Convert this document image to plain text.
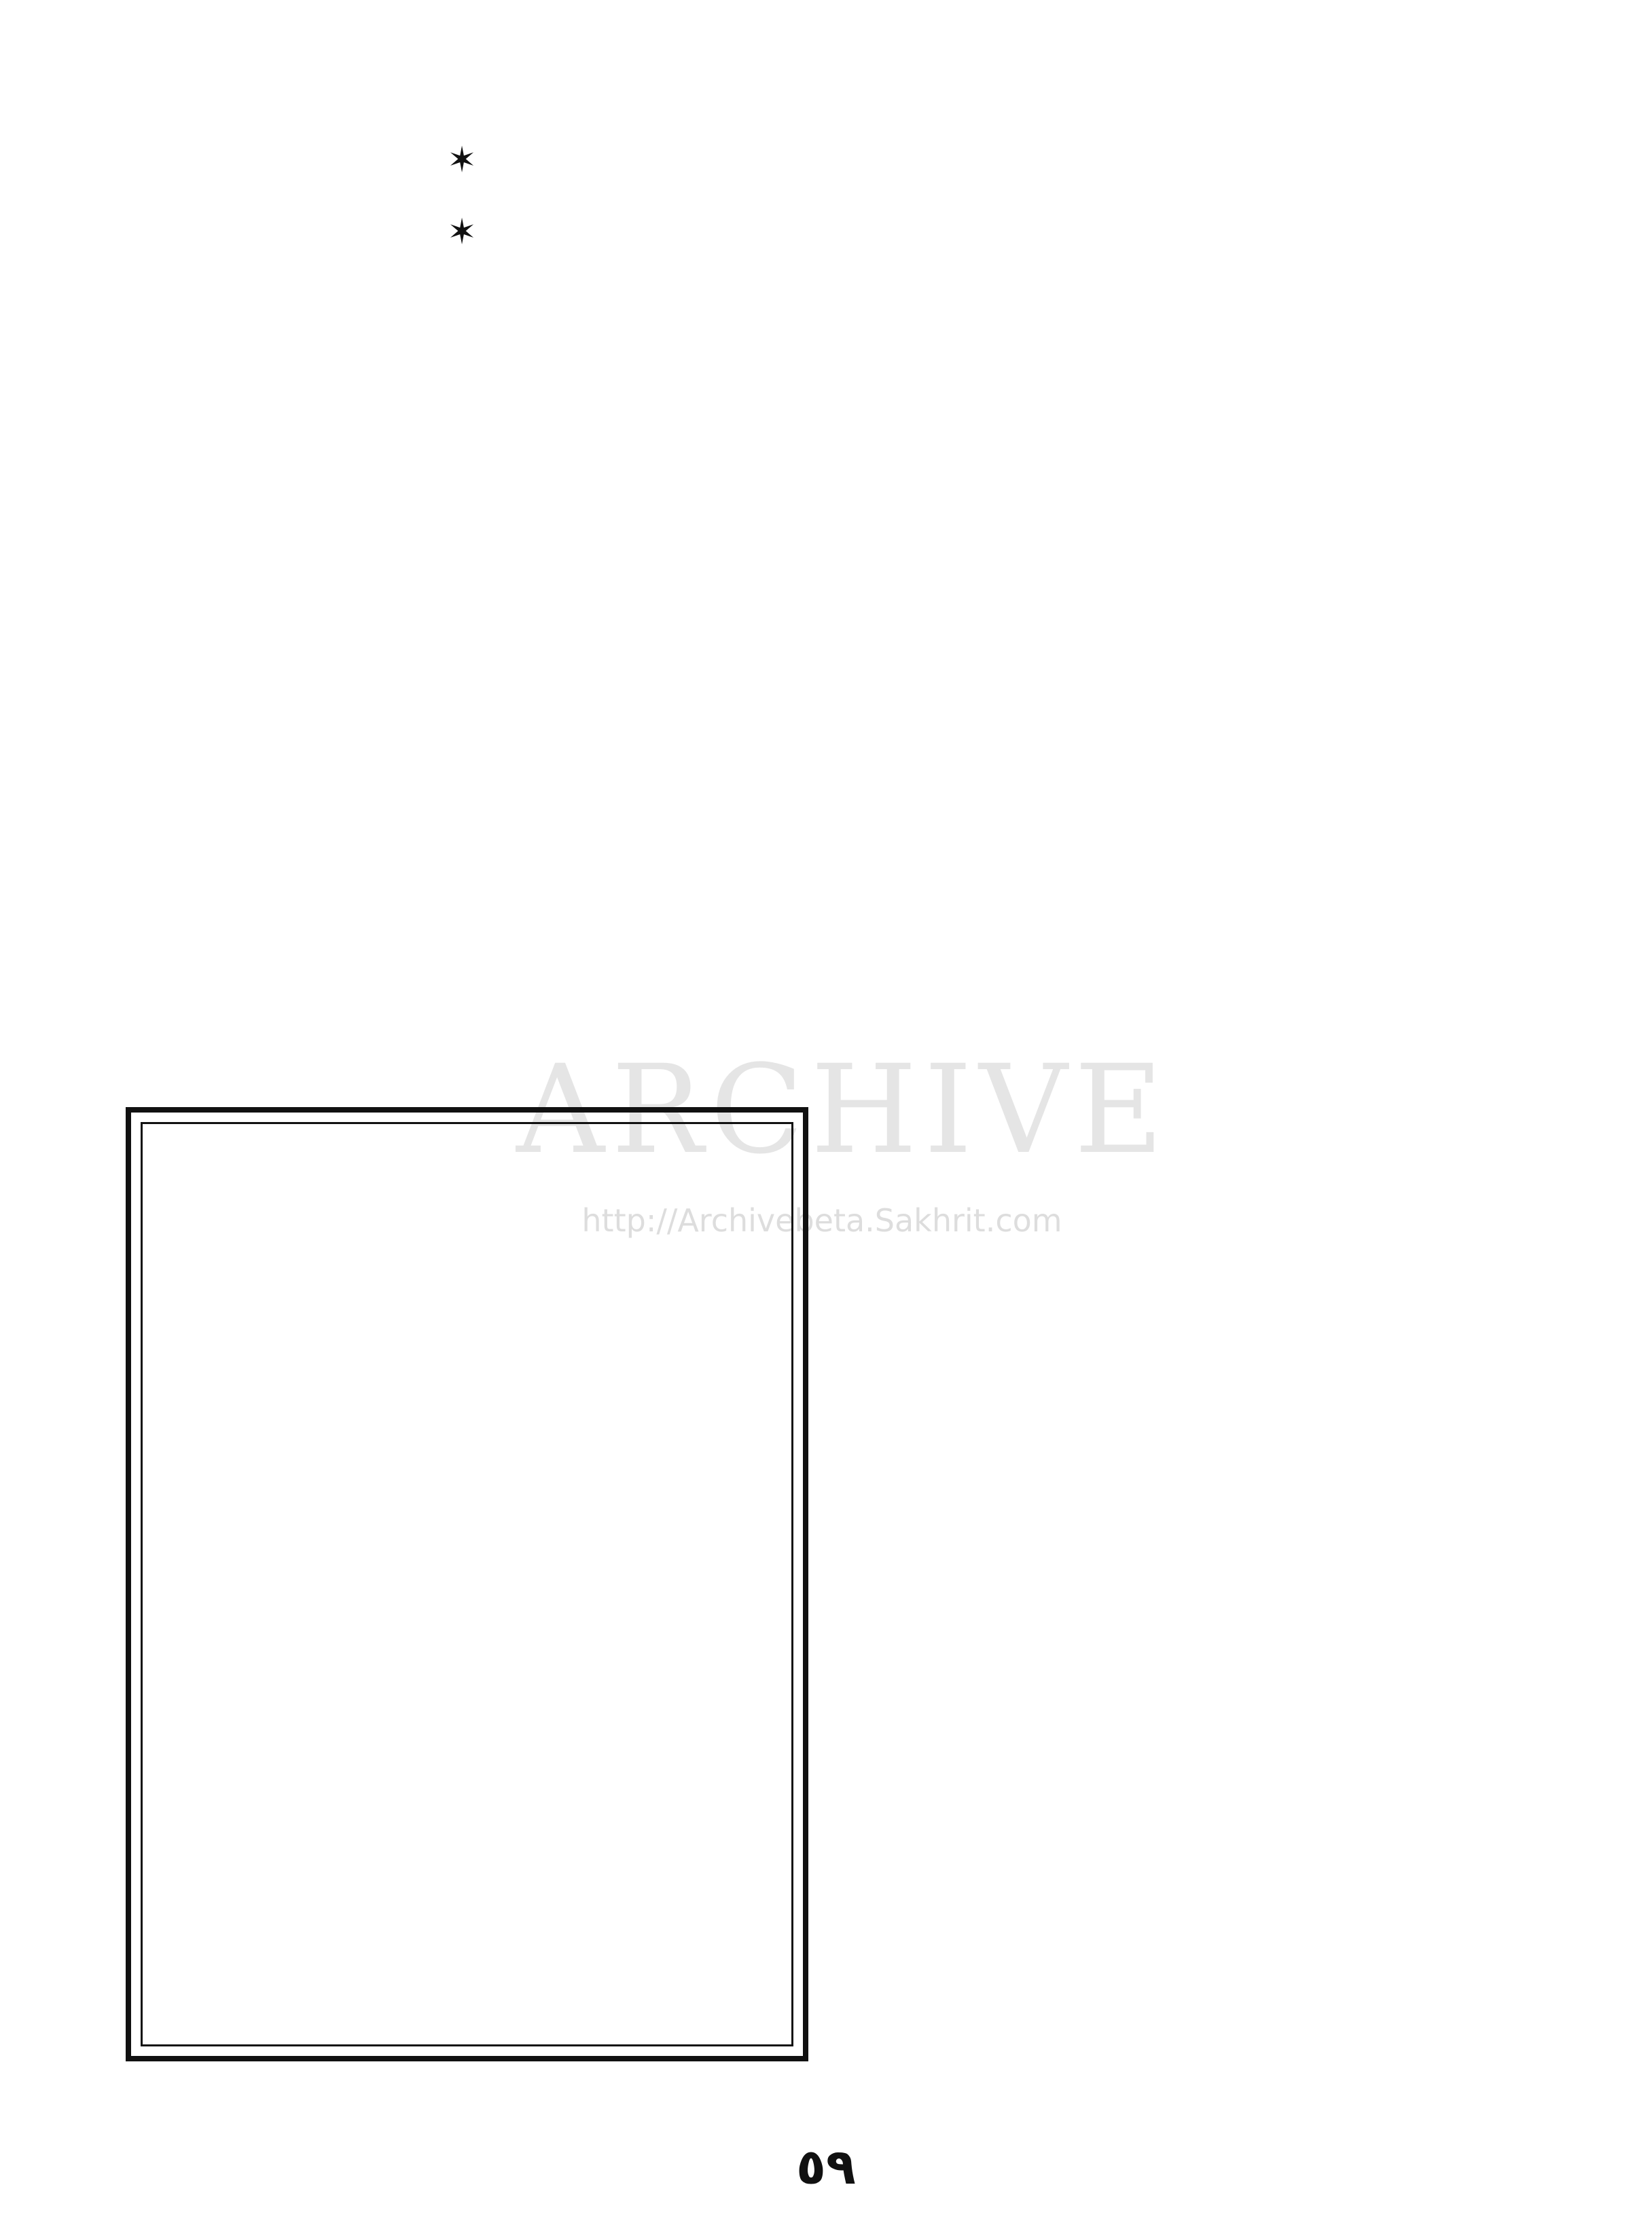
ARCHIVE
http://Archivebeta.Sakhrit.com

✶

✶

٥٩
